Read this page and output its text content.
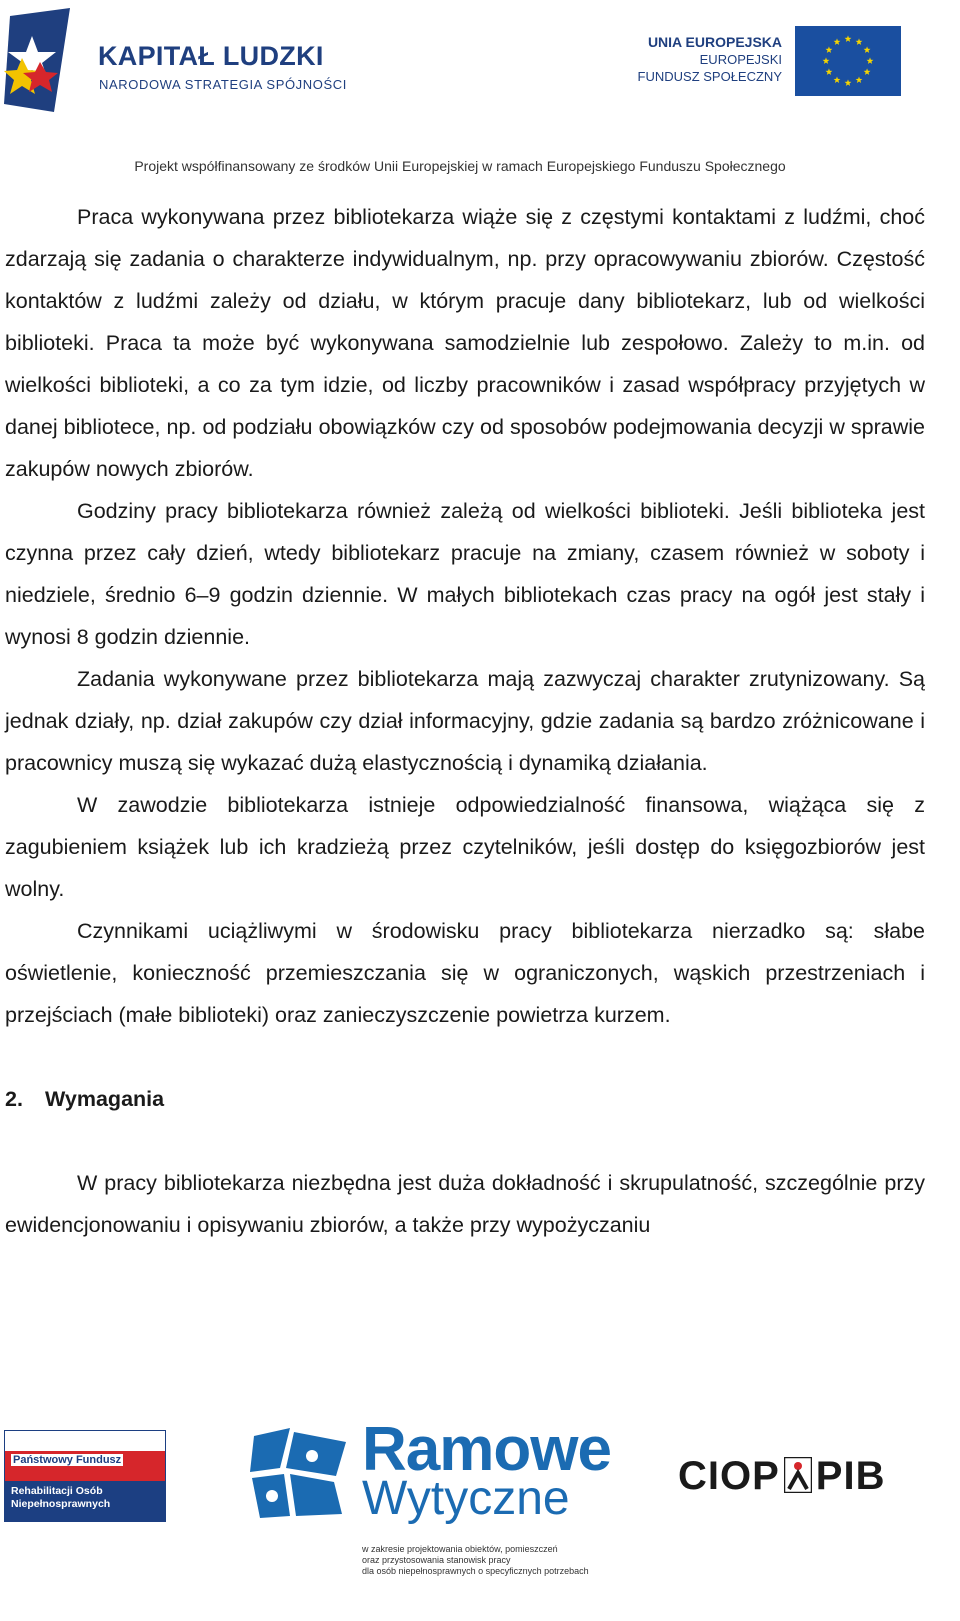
KAPITAŁ LUDZKI
NARODOWA STRATEGIA SPÓJNOŚCI
UNIA EUROPEJSKA
EUROPEJSKI
FUNDUSZ SPOŁECZNY
Projekt współfinansowany ze środków Unii Europejskiej w ramach Europejskiego Funduszu Społecznego

Praca wykonywana przez bibliotekarza wiąże się z częstymi kontaktami z ludźmi, choć zdarzają się zadania o charakterze indywidualnym, np. przy opracowywaniu zbiorów. Częstość kontaktów z ludźmi zależy od działu, w którym pracuje dany bibliotekarz, lub od wielkości biblioteki. Praca ta może być wykonywana samodzielnie lub zespołowo. Zależy to m.in. od wielkości biblioteki, a co za tym idzie, od liczby pracowników i zasad współpracy przyjętych w danej bibliotece, np. od podziału obowiązków czy od sposobów podejmowania decyzji w sprawie zakupów nowych zbiorów.

Godziny pracy bibliotekarza również zależą od wielkości biblioteki. Jeśli biblioteka jest czynna przez cały dzień, wtedy bibliotekarz pracuje na zmiany, czasem również w soboty i niedziele, średnio 6–9 godzin dziennie. W małych bibliotekach czas pracy na ogół jest stały i wynosi 8 godzin dziennie.

Zadania wykonywane przez bibliotekarza mają zazwyczaj charakter zrutynizowany. Są jednak działy, np. dział zakupów czy dział informacyjny, gdzie zadania są bardzo zróżnicowane i pracownicy muszą się wykazać dużą elastycznością i dynamiką działania.

W zawodzie bibliotekarza istnieje odpowiedzialność finansowa, wiążąca się z zagubieniem książek lub ich kradzieżą przez czytelników, jeśli dostęp do księgozbiorów jest wolny.

Czynnikami uciążliwymi w środowisku pracy bibliotekarza nierzadko są: słabe oświetlenie, konieczność przemieszczania się w ograniczonych, wąskich przestrzeniach i przejściach (małe biblioteki) oraz zanieczyszczenie powietrza kurzem.

2. Wymagania

W pracy bibliotekarza niezbędna jest duża dokładność i skrupulatność, szczególnie przy ewidencjonowaniu i opisywaniu zbiorów, a także przy wypożyczaniu

Państwowy Fundusz
Rehabilitacji Osób
Niepełnosprawnych
Ramowe
Wytyczne
w zakresie projektowania obiektów, pomieszczeń
oraz przystosowania stanowisk pracy
dla osób niepełnosprawnych o specyficznych potrzebach
CIOP PIB
